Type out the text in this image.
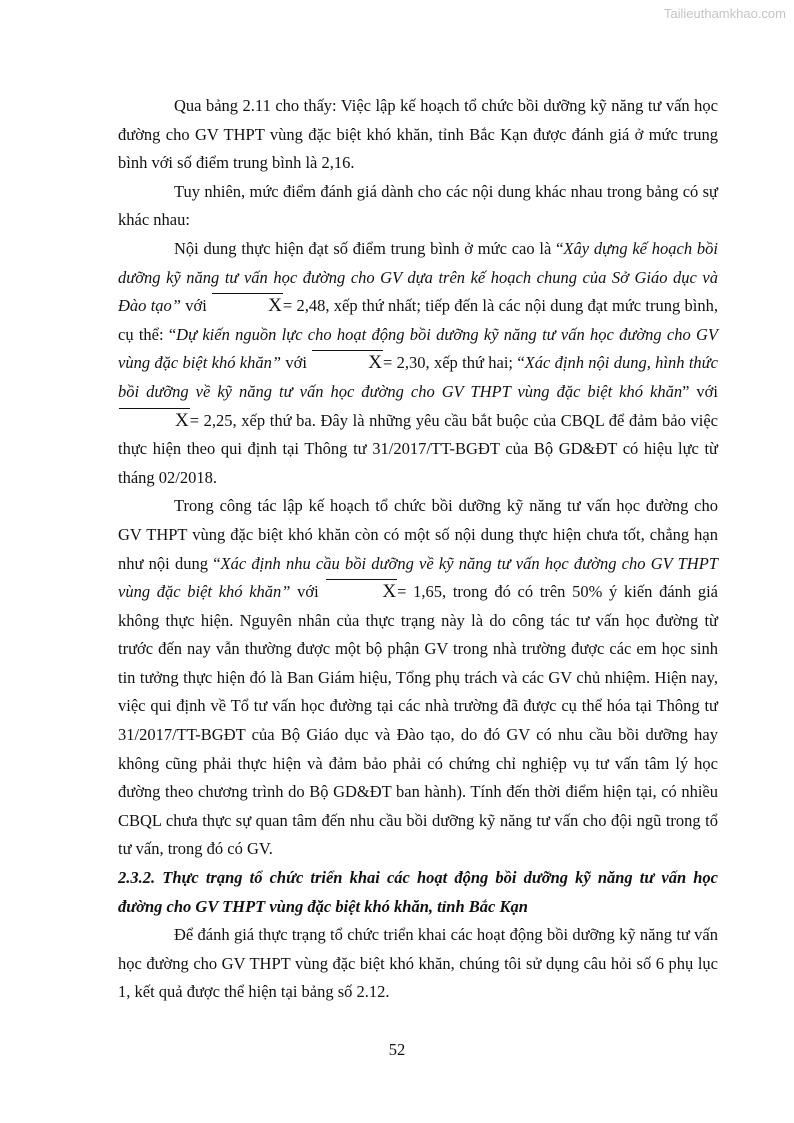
Tailieuthamkhao.com

Qua bảng 2.11 cho thấy: Việc lập kế hoạch tổ chức bồi dưỡng kỹ năng tư vấn học đường cho GV THPT vùng đặc biệt khó khăn, tỉnh Bắc Kạn được đánh giá ở mức trung bình với số điểm trung bình là 2,16.

Tuy nhiên, mức điểm đánh giá dành cho các nội dung khác nhau trong bảng có sự khác nhau:

Nội dung thực hiện đạt số điểm trung bình ở mức cao là “Xây dựng kế hoạch bồi dưỡng kỹ năng tư vấn học đường cho GV dựa trên kế hoạch chung của Sở Giáo dục và Đào tạo” với	X= 2,48, xếp thứ nhất; tiếp đến là các nội dung đạt mức trung bình, cụ thể: “Dự kiến nguồn lực cho hoạt động bồi dưỡng kỹ năng tư vấn học đường cho GV vùng đặc biệt khó khăn” với	X= 2,30, xếp thứ hai; “Xác định nội dung, hình thức bồi dưỡng về kỹ năng tư vấn học đường cho GV THPT vùng đặc biệt khó khăn” với X= 2,25, xếp thứ ba. Đây là những yêu cầu bắt buộc của CBQL để đảm bảo việc thực hiện theo qui định tại Thông tư 31/2017/TT-BGĐT của Bộ GD&ĐT có hiệu lực từ tháng 02/2018.

Trong công tác lập kế hoạch tổ chức bồi dưỡng kỹ năng tư vấn học đường cho GV THPT vùng đặc biệt khó khăn còn có một số nội dung thực hiện chưa tốt, chẳng hạn như nội dung “Xác định nhu cầu bồi dưỡng về kỹ năng tư vấn học đường cho GV THPT vùng đặc biệt khó khăn” với	X= 1,65, trong đó có trên 50% ý kiến đánh giá không thực hiện. Nguyên nhân của thực trạng này là do công tác tư vấn học đường từ trước đến nay vẫn thường được một bộ phận GV trong nhà trường được các em học sinh tin tưởng thực hiện đó là Ban Giám hiệu, Tổng phụ trách và các GV chủ nhiệm. Hiện nay, việc qui định về Tổ tư vấn học đường tại các nhà trường đã được cụ thể hóa tại Thông tư 31/2017/TT-BGĐT của Bộ Giáo dục và Đào tạo, do đó GV có nhu cầu bồi dưỡng hay không cũng phải thực hiện và đảm bảo phải có chứng chỉ nghiệp vụ tư vấn tâm lý học đường theo chương trình do Bộ GD&ĐT ban hành). Tính đến thời điểm hiện tại, có nhiều CBQL chưa thực sự quan tâm đến nhu cầu bồi dưỡng kỹ năng tư vấn cho đội ngũ trong tổ tư vấn, trong đó có GV.

2.3.2. Thực trạng tổ chức triển khai các hoạt động bồi dưỡng kỹ năng tư vấn học đường cho GV THPT vùng đặc biệt khó khăn, tỉnh Bắc Kạn

Để đánh giá thực trạng tổ chức triển khai các hoạt động bồi dưỡng kỹ năng tư vấn học đường cho GV THPT vùng đặc biệt khó khăn, chúng tôi sử dụng câu hỏi số 6 phụ lục 1, kết quả được thể hiện tại bảng số 2.12.

52
